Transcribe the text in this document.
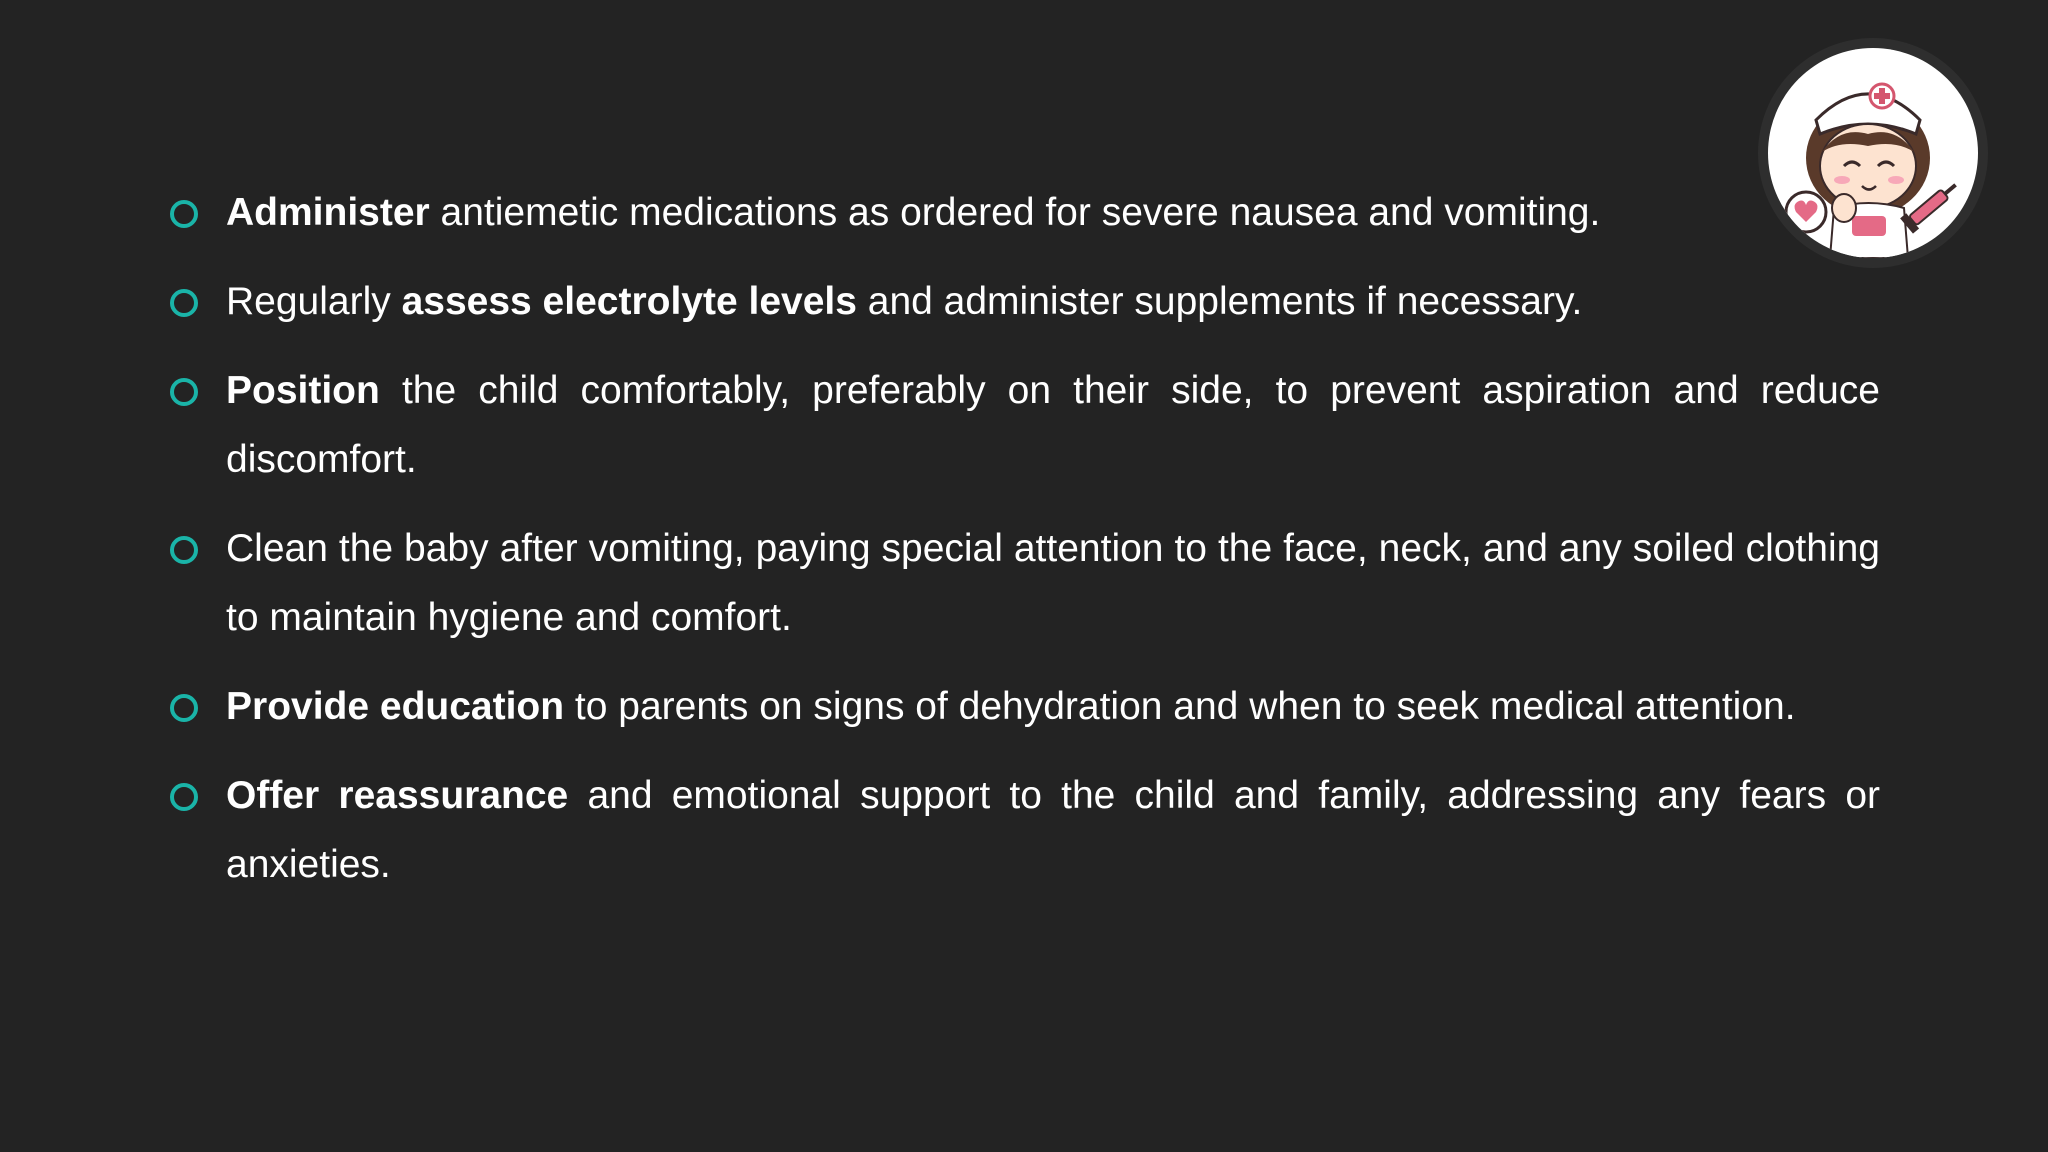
Administer antiemetic medications as ordered for severe nausea and vomiting.
Regularly assess electrolyte levels and administer supplements if necessary.
Position the child comfortably, preferably on their side, to prevent aspiration and reduce discomfort.
Clean the baby after vomiting, paying special attention to the face, neck, and any soiled clothing to maintain hygiene and comfort.
Provide education to parents on signs of dehydration and when to seek medical attention.
Offer reassurance and emotional support to the child and family, addressing any fears or anxieties.
